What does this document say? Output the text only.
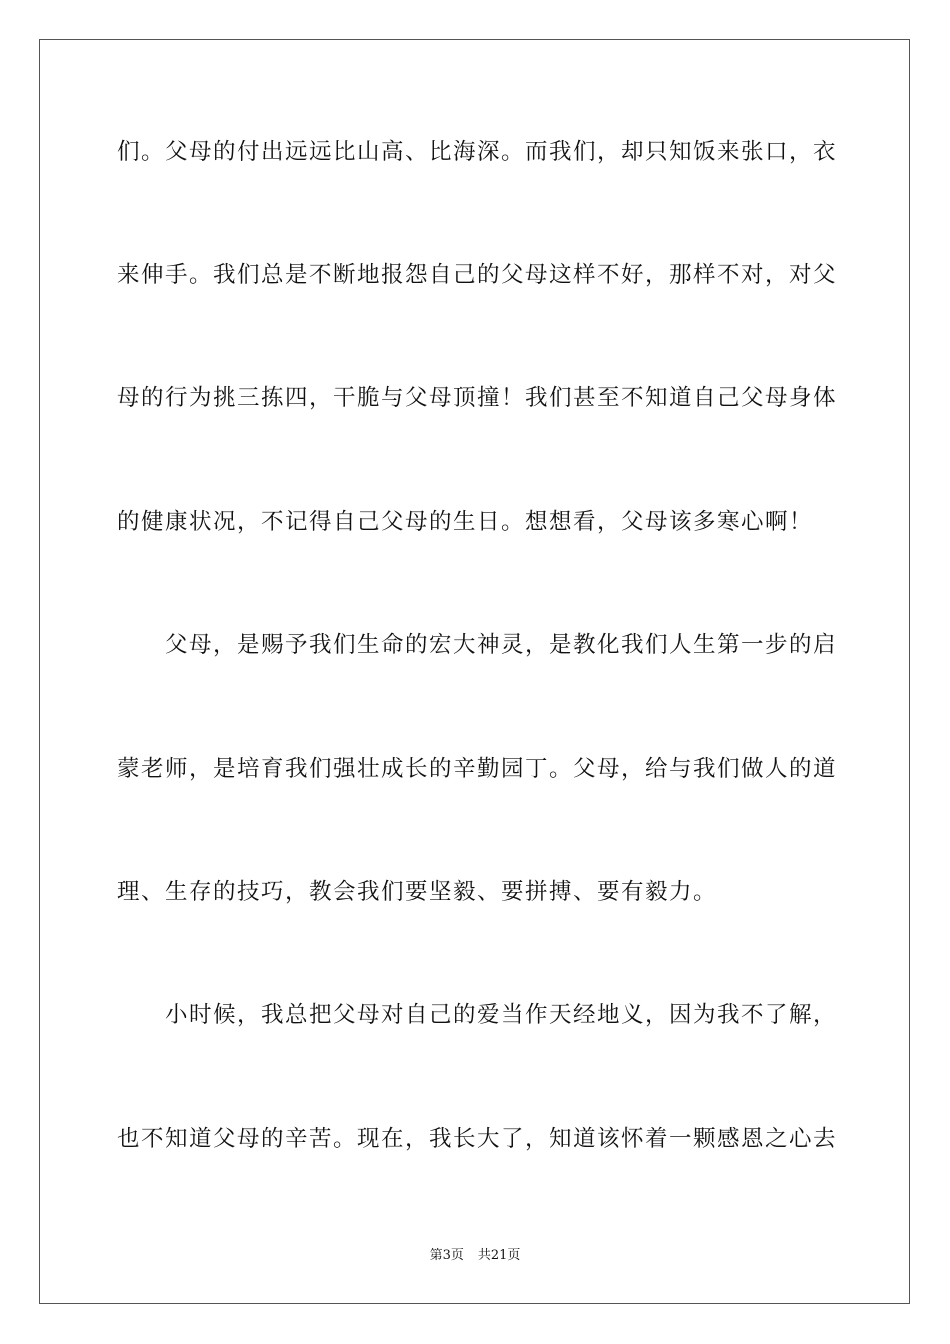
们。父母的付出远远比山高、比海深。而我们，却只知饭来张口，衣
来伸手。我们总是不断地报怨自己的父母这样不好，那样不对，对父
母的行为挑三拣四，干脆与父母顶撞！我们甚至不知道自己父母身体
的健康状况，不记得自己父母的生日。想想看，父母该多寒心啊！
父母，是赐予我们生命的宏大神灵，是教化我们人生第一步的启
蒙老师，是培育我们强壮成长的辛勤园丁。父母，给与我们做人的道
理、生存的技巧，教会我们要坚毅、要拼搏、要有毅力。
小时候，我总把父母对自己的爱当作天经地义，因为我不了解，
也不知道父母的辛苦。现在，我长大了，知道该怀着一颗感恩之心去
第3页 共21页
